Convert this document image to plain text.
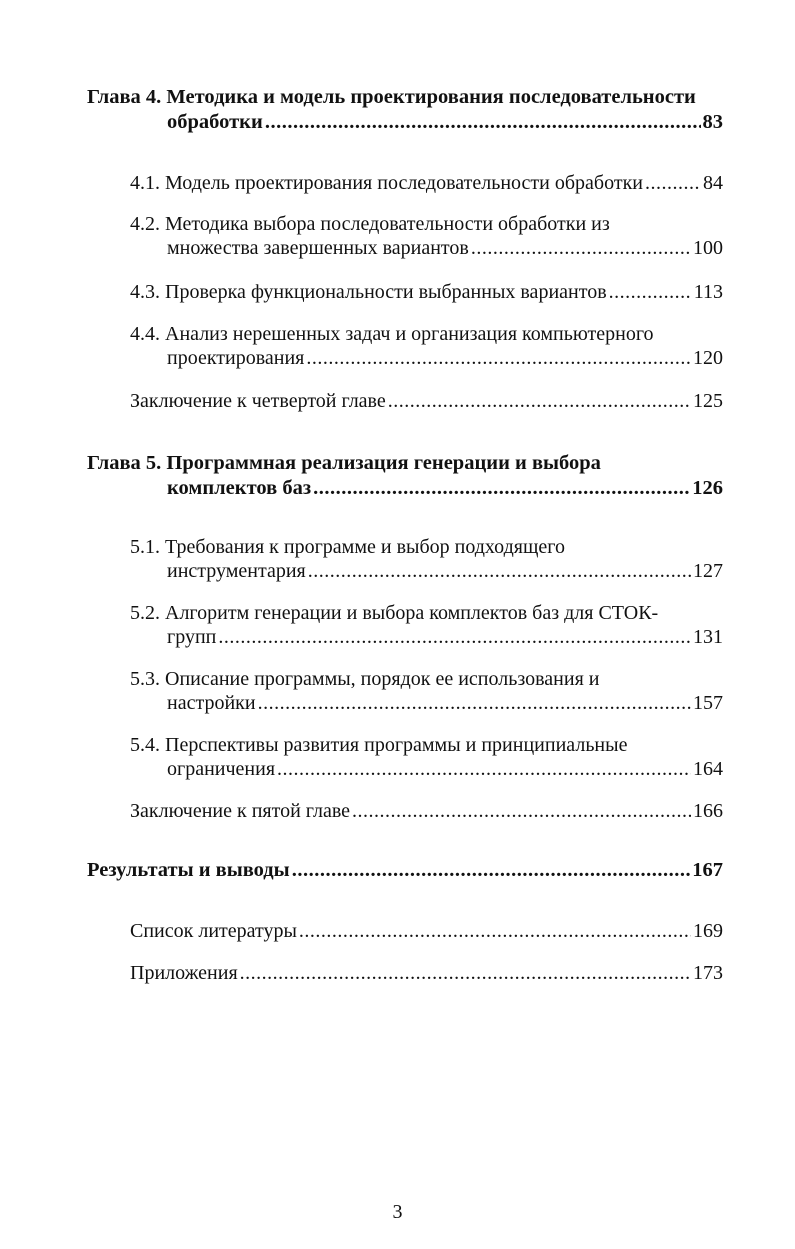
Глава 4. Методика и модель проектирования последовательности
обработки .....	83
4.1. Модель проектирования последовательности обработки .....	84
4.2. Методика выбора последовательности обработки из
множества завершенных вариантов .....	100
4.3. Проверка функциональности выбранных вариантов .....	113
4.4. Анализ нерешенных задач и организация компьютерного
проектирования .....	120
Заключение к четвертой главе .....	125
Глава 5. Программная реализация генерации и выбора
комплектов баз .....	126
5.1. Требования к программе и выбор подходящего
инструментария .....	127
5.2. Алгоритм генерации и выбора комплектов баз для СТОК-
групп .....	131
5.3. Описание программы, порядок ее использования и
настройки .....	157
5.4. Перспективы развития программы и принципиальные
ограничения .....	164
Заключение к пятой главе .....	166
Результаты и выводы .....	167
Список литературы .....	169
Приложения .....	173
3
